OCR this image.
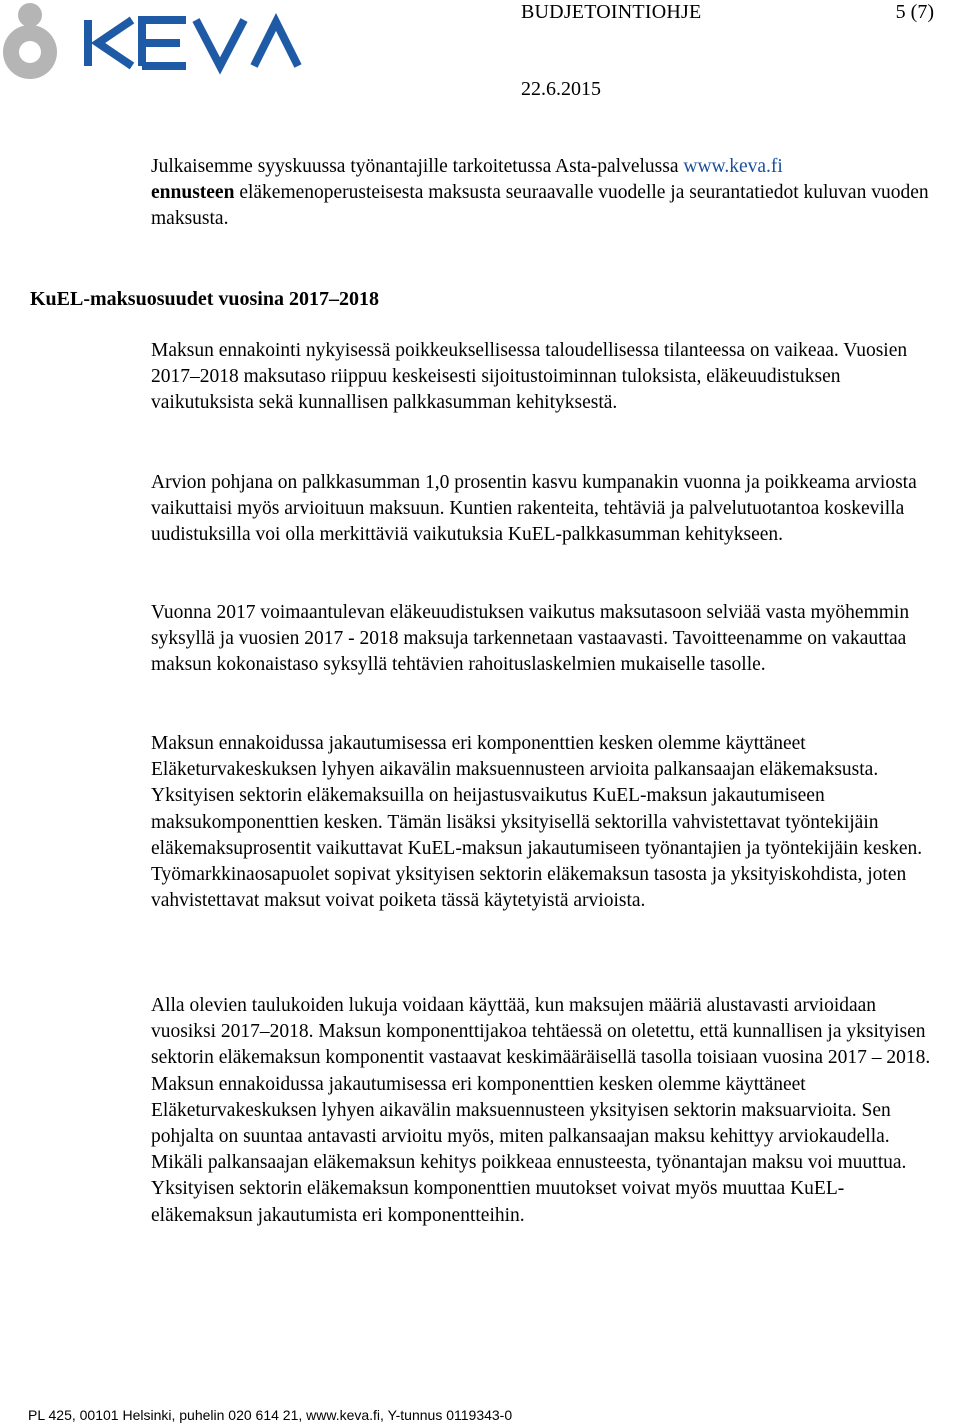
BUDJETOINTIOHJE	5 (7)
22.6.2015

Julkaisemme syyskuussa työnantajille tarkoitetussa Asta-palvelussa www.keva.fi
ennusteen eläkemenoperusteisesta maksusta seuraavalle vuodelle ja seurantatiedot kuluvan vuoden maksusta.

KuEL-maksuosuudet vuosina 2017–2018

Maksun ennakointi nykyisessä poikkeuksellisessa taloudellisessa tilanteessa on vaikeaa. Vuosien 2017–2018 maksutaso riippuu keskeisesti sijoitustoiminnan tuloksista, eläkeuudistuksen vaikutuksista sekä kunnallisen palkkasumman kehityksestä.

Arvion pohjana on palkkasumman 1,0 prosentin kasvu kumpanakin vuonna ja poikkeama arviosta vaikuttaisi myös arvioituun maksuun. Kuntien rakenteita, tehtäviä ja palvelutuotantoa koskevilla uudistuksilla voi olla merkittäviä vaikutuksia KuEL-palkkasumman kehitykseen.

Vuonna 2017 voimaantulevan eläkeuudistuksen vaikutus maksutasoon selviää vasta myöhemmin syksyllä ja vuosien 2017 - 2018 maksuja tarkennetaan vastaavasti. Tavoitteenamme on vakauttaa maksun kokonaistaso syksyllä tehtävien rahoituslaskelmien mukaiselle tasolle.

Maksun ennakoidussa jakautumisessa eri komponenttien kesken olemme käyttäneet Eläketurvakeskuksen lyhyen aikavälin maksuennusteen arvioita palkansaajan eläkemaksusta. Yksityisen sektorin eläkemaksuilla on heijastusvaikutus KuEL-maksun jakautumiseen maksukomponenttien kesken. Tämän lisäksi yksityisellä sektorilla vahvistettavat työntekijäin eläkemaksuprosentit vaikuttavat KuEL-maksun jakautumiseen työnantajien ja työntekijäin kesken. Työmarkkinaosapuolet sopivat yksityisen sektorin eläkemaksun tasosta ja yksityiskohdista, joten vahvistettavat maksut voivat poiketa tässä käytetyistä arvioista.

Alla olevien taulukoiden lukuja voidaan käyttää, kun maksujen määriä alustavasti arvioidaan vuosiksi 2017–2018. Maksun komponenttijakoa tehtäessä on oletettu, että kunnallisen ja yksityisen sektorin eläkemaksun komponentit vastaavat keskimääräisellä tasolla toisiaan vuosina 2017 – 2018. Maksun ennakoidussa jakautumisessa eri komponenttien kesken olemme käyttäneet Eläketurvakeskuksen lyhyen aikavälin maksuennusteen yksityisen sektorin maksuarvioita. Sen pohjalta on suuntaa antavasti arvioitu myös, miten palkansaajan maksu kehittyy arviokaudella. Mikäli palkansaajan eläkemaksun kehitys poikkeaa ennusteesta, työnantajan maksu voi muuttua. Yksityisen sektorin eläkemaksun komponenttien muutokset voivat myös muuttaa KuEL-eläkemaksun jakautumista eri komponentteihin.

PL 425, 00101 Helsinki, puhelin 020 614 21, www.keva.fi, Y-tunnus 0119343-0
